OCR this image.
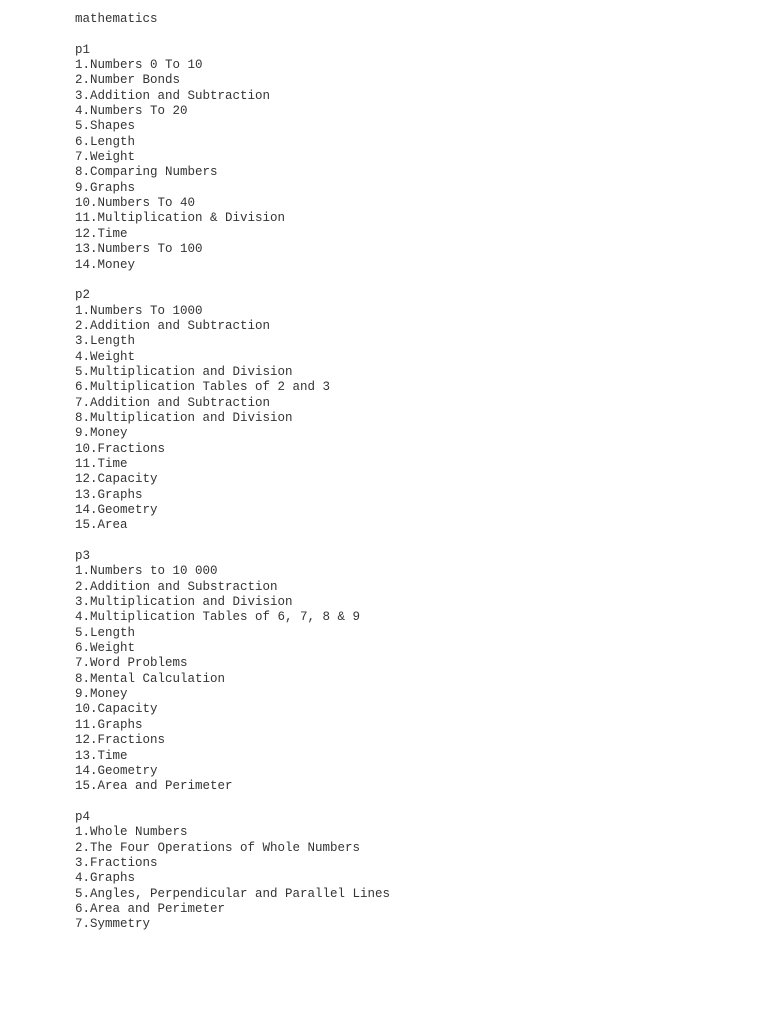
mathematics
p1
1.Numbers 0 To 10
2.Number Bonds
3.Addition and Subtraction
4.Numbers To 20
5.Shapes
6.Length
7.Weight
8.Comparing Numbers
9.Graphs
10.Numbers To 40
11.Multiplication & Division
12.Time
13.Numbers To 100
14.Money
p2
1.Numbers To 1000
2.Addition and Subtraction
3.Length
4.Weight
5.Multiplication and Division
6.Multiplication Tables of 2 and 3
7.Addition and Subtraction
8.Multiplication and Division
9.Money
10.Fractions
11.Time
12.Capacity
13.Graphs
14.Geometry
15.Area
p3
1.Numbers to 10 000
2.Addition and Substraction
3.Multiplication and Division
4.Multiplication Tables of 6, 7, 8 & 9
5.Length
6.Weight
7.Word Problems
8.Mental Calculation
9.Money
10.Capacity
11.Graphs
12.Fractions
13.Time
14.Geometry
15.Area and Perimeter
p4
1.Whole Numbers
2.The Four Operations of Whole Numbers
3.Fractions
4.Graphs
5.Angles, Perpendicular and Parallel Lines
6.Area and Perimeter
7.Symmetry
